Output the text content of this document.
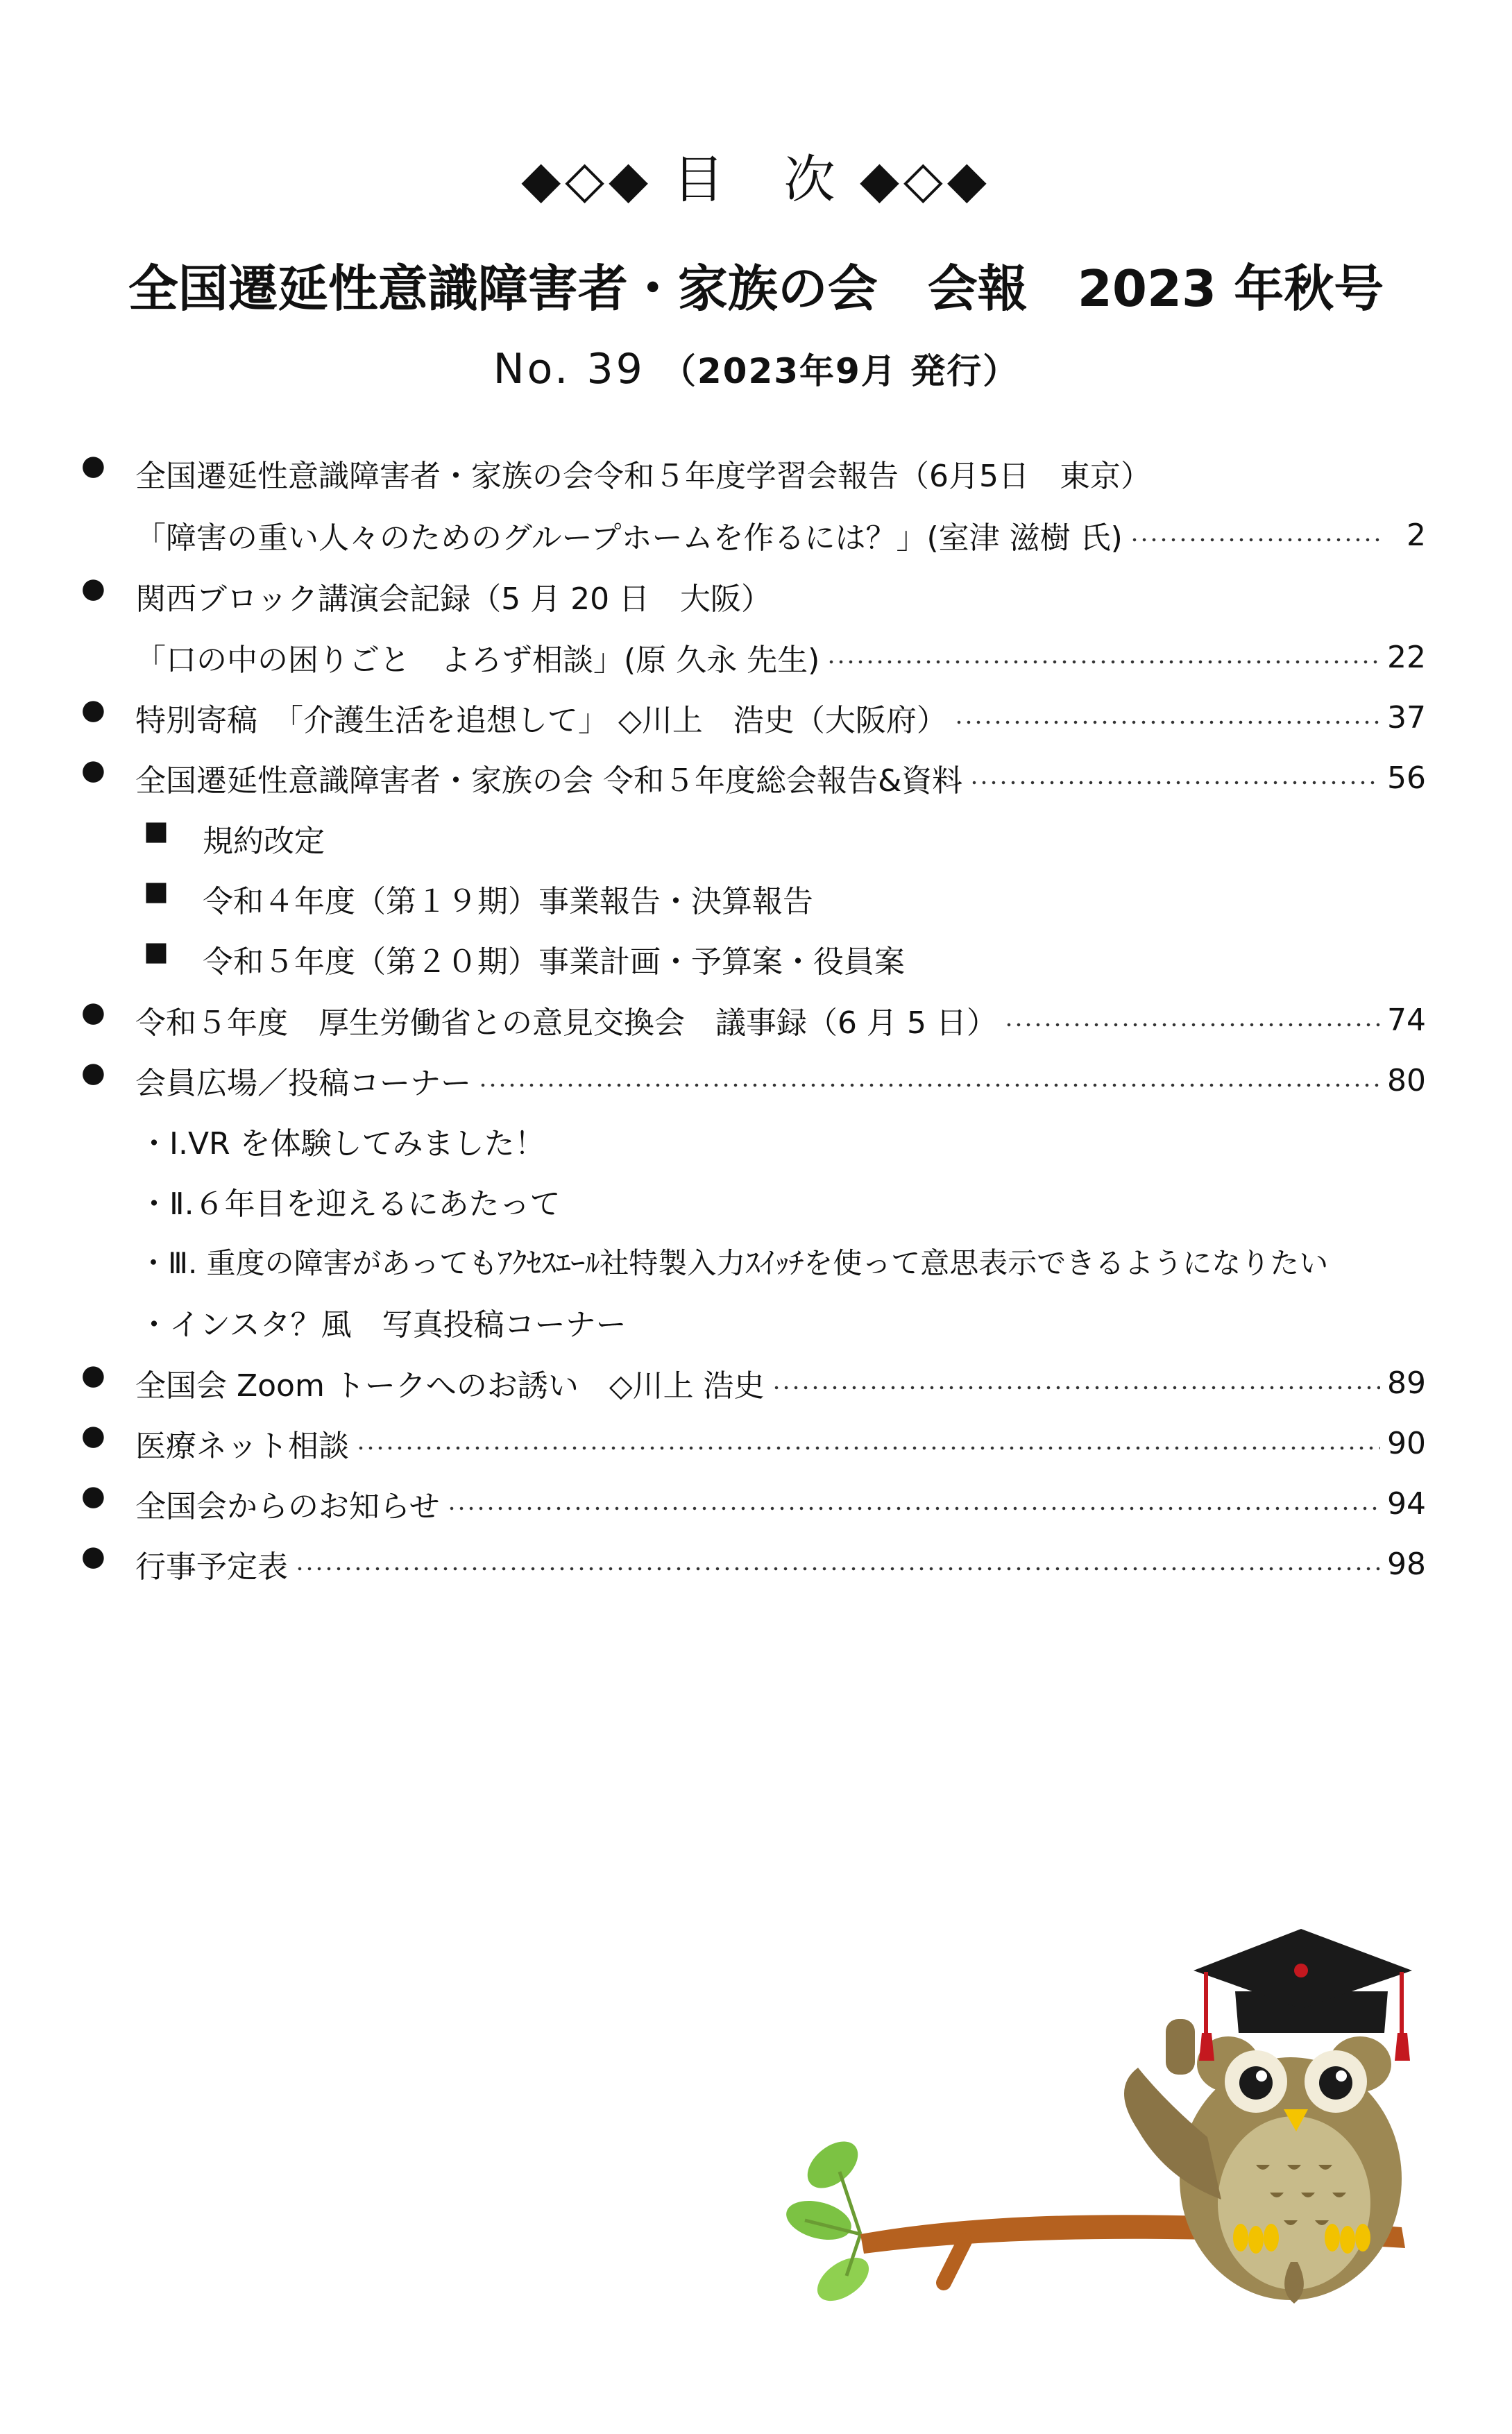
◆◇◆ 目　次 ◆◇◆
全国遷延性意識障害者・家族の会　会報　2023 年秋号
No. 39 （2023年9月 発行）
● 全国遷延性意識障害者・家族の会令和５年度学習会報告（6月5日　東京）
「障害の重い人々のためのグループホームを作るには？」(室津 滋樹 氏)	2
● 関西ブロック講演会記録（5 月 20 日　大阪）
「口の中の困りごと　よろず相談」(原 久永 先生)	22
● 特別寄稿　「介護生活を追想して」 ◇川上　浩史（大阪府）	37
● 全国遷延性意識障害者・家族の会 令和５年度総会報告&資料	56
■ 規約改定
■ 令和４年度（第１９期）事業報告・決算報告
■ 令和５年度（第２０期）事業計画・予算案・役員案
● 令和５年度　厚生労働省との意見交換会　議事録（6 月 5 日）	74
● 会員広場／投稿コーナー	80
・Ⅰ.VR を体験してみました！
・Ⅱ.６年目を迎えるにあたって
・Ⅲ. 重度の障害があってもｱｸｾｽｴｰﾙ社特製入力ｽｲｯﾁを使って意思表示できるようになりたい
・インスタ？風　写真投稿コーナー
● 全国会 Zoom トークへのお誘い　◇川上 浩史	89
● 医療ネット相談	90
● 全国会からのお知らせ	94
● 行事予定表	98
